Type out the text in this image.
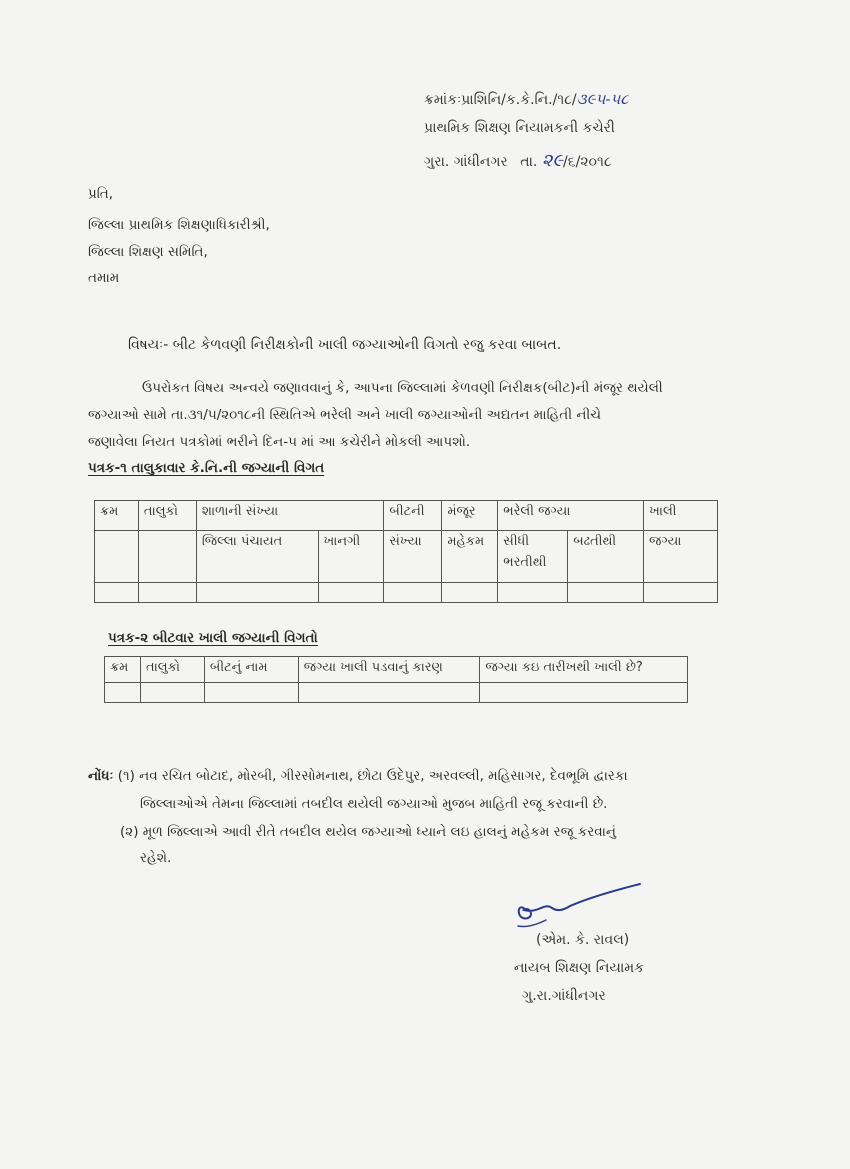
ક્રમાંકઃપ્રાશિનિ/ક.કે.નિ./૧૮/૩૯૫-૫૮
પ્રાથમિક શિક્ષણ નિયામકની કચેરી
ગુરા. ગાંધીનગર તા. ૨૯/૬/૨૦૧૮
પ્રતિ,
જિલ્લા પ્રાથમિક શિક્ષણાધિકારીશ્રી,
જિલ્લા શિક્ષણ સમિતિ,
તમામ
વિષયઃ- બીટ કેળવણી નિરીક્ષકોની ખાલી જગ્યાઓની વિગતો રજુ કરવા બાબત.
ઉપરોકત વિષય અન્વયે જણાવવાનું કે, આપના જિલ્લામાં કેળવણી નિરીક્ષક(બીટ)ની મંજૂર થયેલી
જગ્યાઓ સામે તા.૩૧/૫/૨૦૧૮ની સ્થિતિએ ભરેલી અને ખાલી જગ્યાઓની અદ્યતન માહિતી નીચે
જણાવેલા નિયત પત્રકોમાં ભરીને દિન-૫ માં આ કચેરીને મોકલી આપશો.
પત્રક-૧ તાલુકાવાર કે.નિ.ની જગ્યાની વિગત
ક્રમ	તાલુકો	શાળાની સંખ્યા		બીટની	મંજૂર	ભરેલી જગ્યા		ખાલી
		જિલ્લા પંચાયત	ખાનગી	સંખ્યા	મહેકમ	સીધી
ભરતીથી	બઢતીથી	જગ્યા

પત્રક-૨ બીટવાર ખાલી જગ્યાની વિગતો
ક્રમ	તાલુકો	બીટનું નામ	જગ્યા ખાલી પડવાનું કારણ	જગ્યા કઇ તારીખથી ખાલી છે?

નોંધઃ (૧) નવ રચિત બોટાદ, મોરબી, ગીરસોમનાથ, છોટા ઉદેપુર, અરવલ્લી, મહિસાગર, દેવભૂમિ દ્વારકા
જિલ્લાઓએ તેમના જિલ્લામાં તબદીલ થયેલી જગ્યાઓ મુજબ માહિતી રજૂ કરવાની છે.
(૨) મૂળ જિલ્લાએ આવી રીતે તબદીલ થયેલ જગ્યાઓ ધ્યાને લઇ હાલનું મહેકમ રજૂ કરવાનું
રહેશે.
(એમ. કે. રાવલ)
નાયબ શિક્ષણ નિયામક
ગુ.રા.ગાંધીનગર
